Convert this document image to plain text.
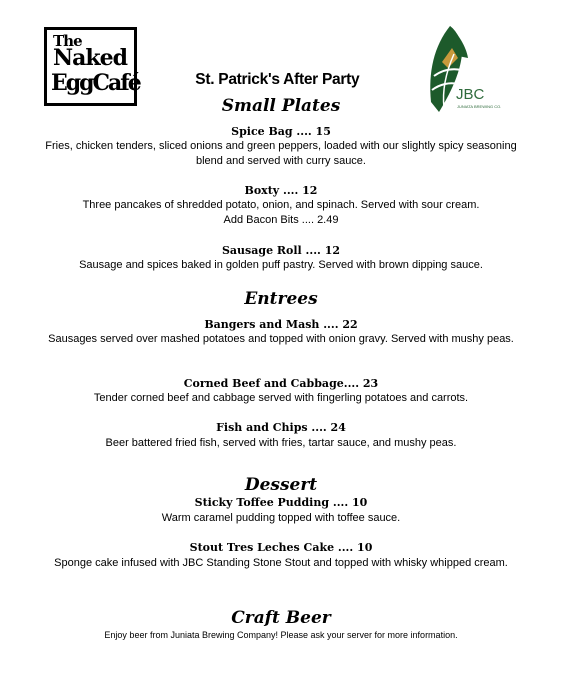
The
Naked
EggCafé	JBC
JUNIATA BREWING CO.
St. Patrick's After Party
Small Plates
Spice Bag .... 15
Fries, chicken tenders, sliced onions and green peppers, loaded with our slightly spicy seasoning blend and served with curry sauce.
Boxty .... 12
Three pancakes of shredded potato, onion, and spinach. Served with sour cream.
Add Bacon Bits .... 2.49
Sausage Roll .... 12
Sausage and spices baked in golden puff pastry. Served with brown dipping sauce.
Entrees
Bangers and Mash .... 22
Sausages served over mashed potatoes and topped with onion gravy. Served with mushy peas.
Corned Beef and Cabbage.... 23
Tender corned beef and cabbage served with fingerling potatoes and carrots.
Fish and Chips .... 24
Beer battered fried fish, served with fries, tartar sauce, and mushy peas.
Dessert
Sticky Toffee Pudding .... 10
Warm caramel pudding topped with toffee sauce.
Stout Tres Leches Cake .... 10
Sponge cake infused with JBC Standing Stone Stout and topped with whisky whipped cream.
Craft Beer
Enjoy beer from Juniata Brewing Company! Please ask your server for more information.
